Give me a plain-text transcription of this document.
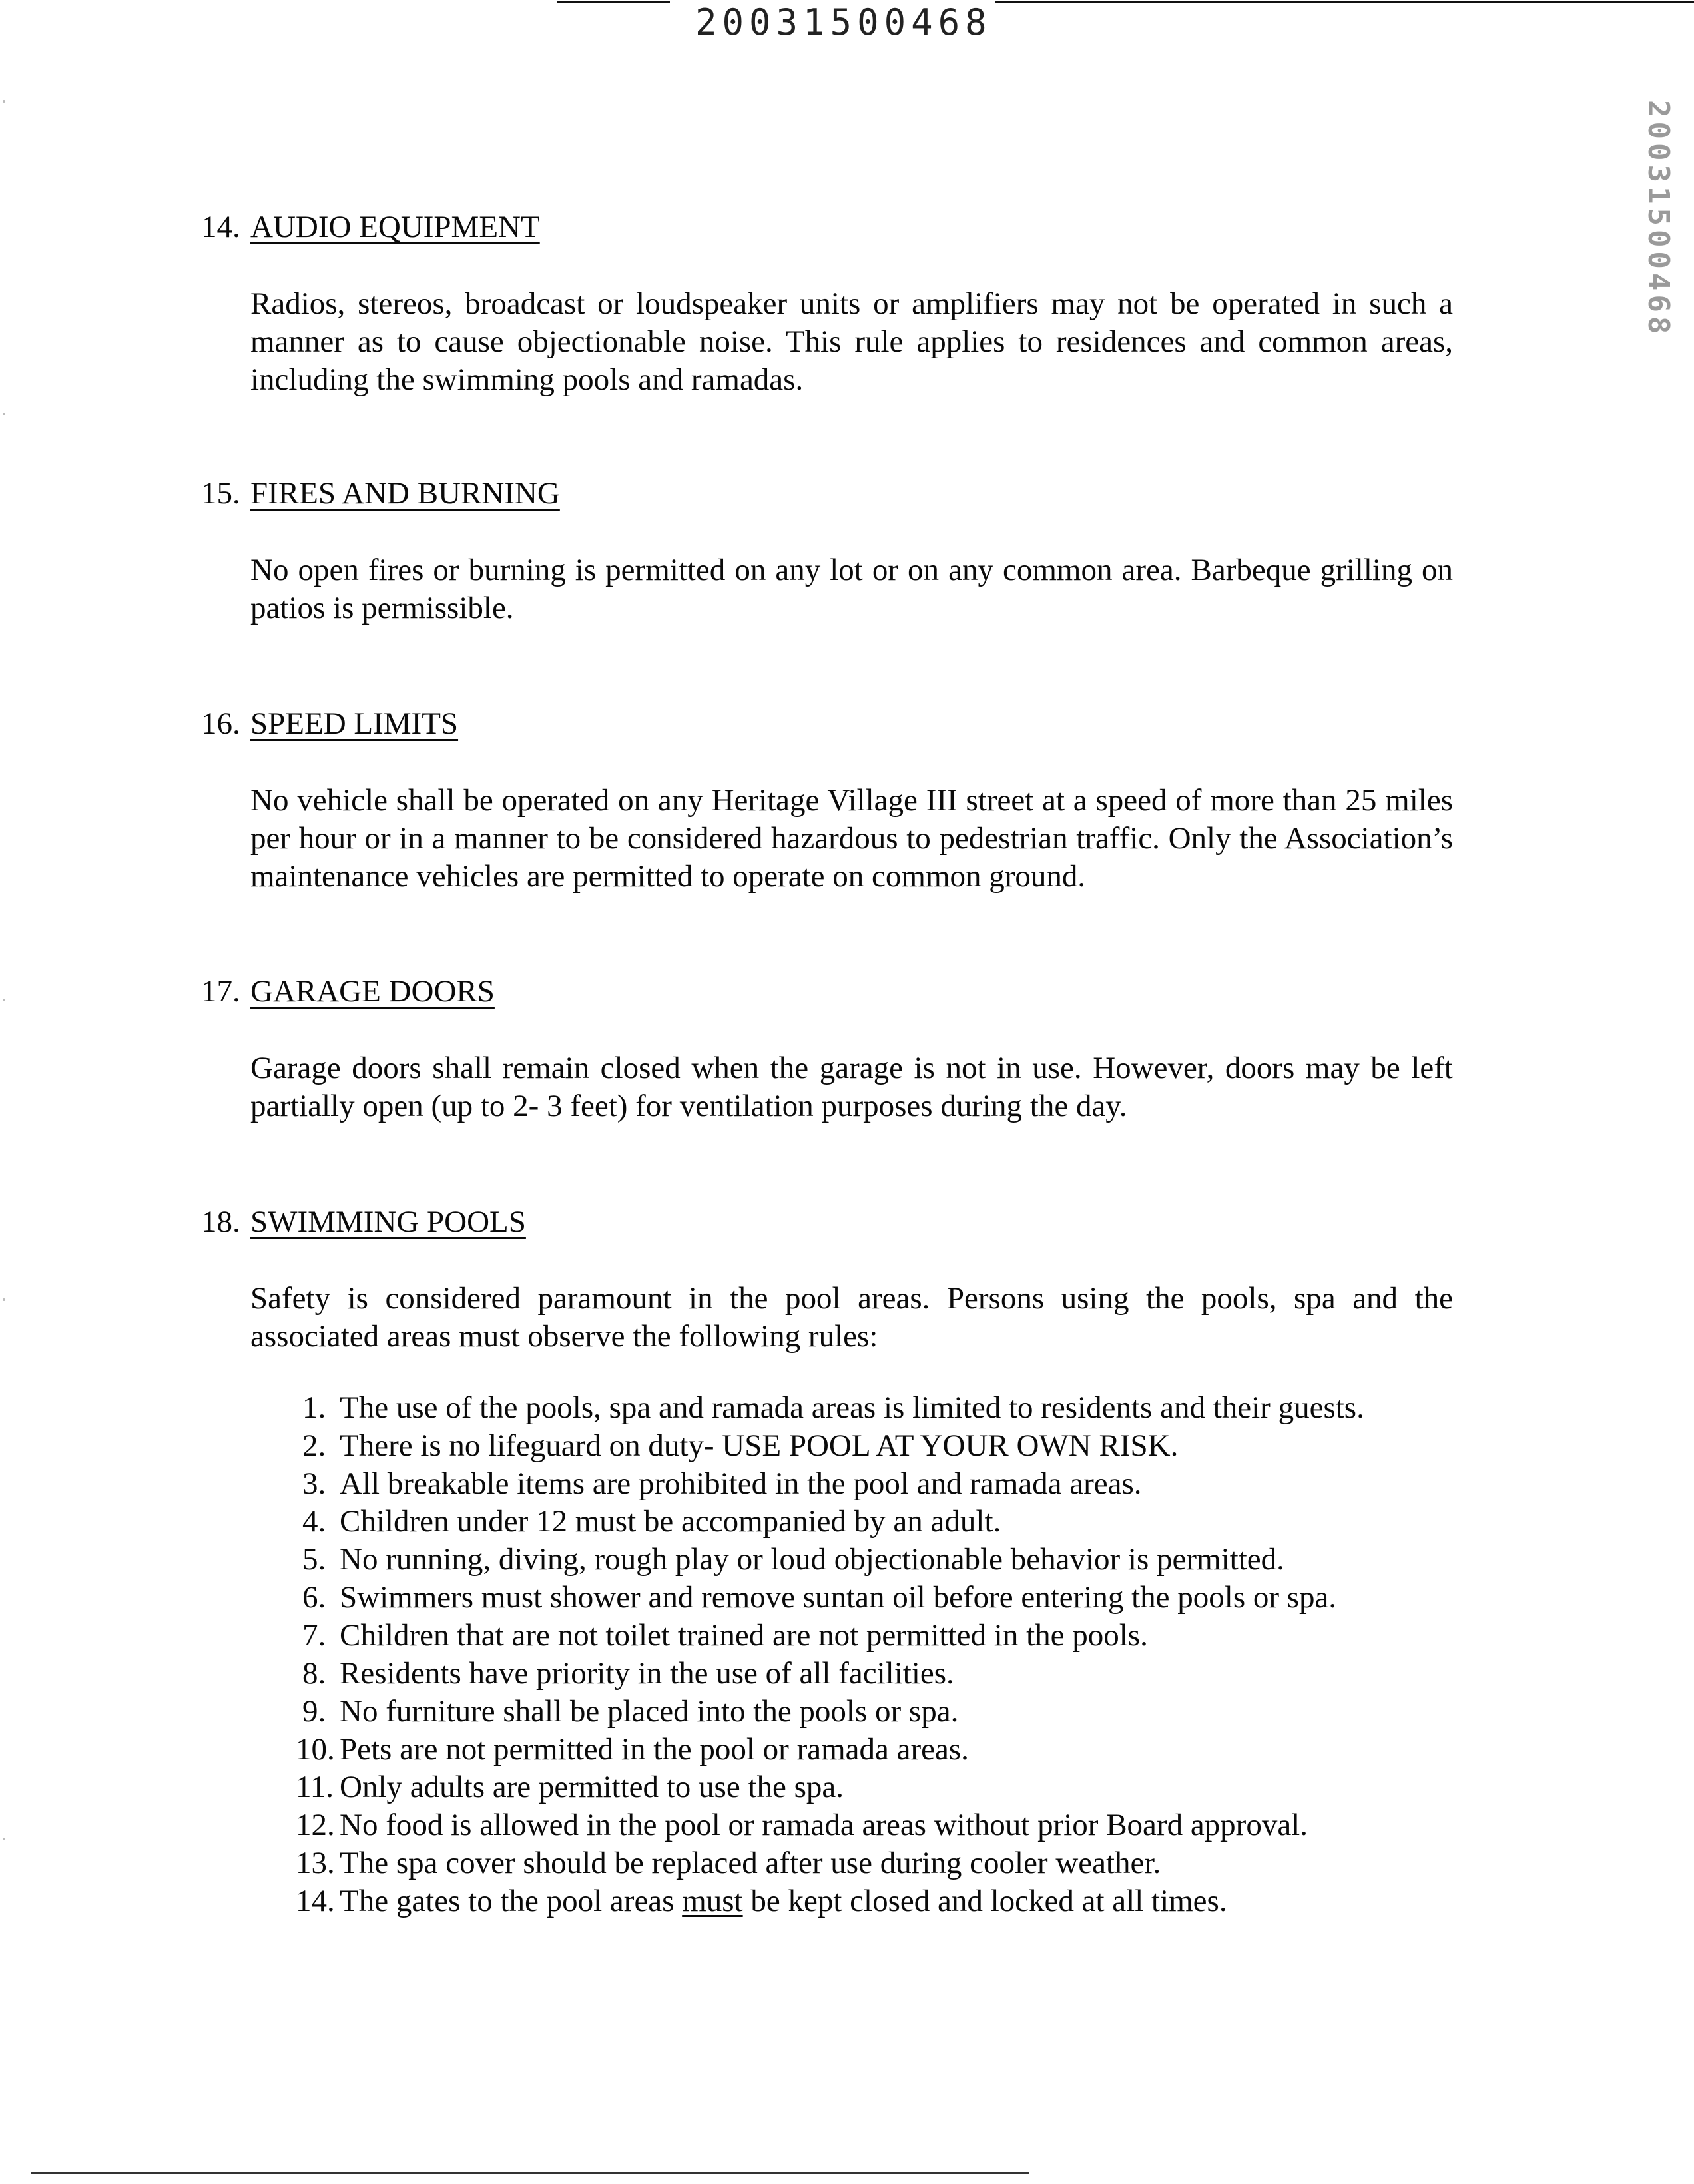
20031500468
20031500468
14. AUDIO EQUIPMENT
Radios, stereos, broadcast or loudspeaker units or amplifiers may not be operated in such a manner as to cause objectionable noise. This rule applies to residences and common areas, including the swimming pools and ramadas.
15. FIRES AND BURNING
No open fires or burning is permitted on any lot or on any common area. Barbeque grilling on patios is permissible.
16. SPEED LIMITS
No vehicle shall be operated on any Heritage Village III street at a speed of more than 25 miles per hour or in a manner to be considered hazardous to pedestrian traffic. Only the Association’s maintenance vehicles are permitted to operate on common ground.
17. GARAGE DOORS
Garage doors shall remain closed when the garage is not in use. However, doors may be left partially open (up to 2- 3 feet) for ventilation purposes during the day.
18. SWIMMING POOLS
Safety is considered paramount in the pool areas. Persons using the pools, spa and the associated areas must observe the following rules:
1. The use of the pools, spa and ramada areas is limited to residents and their guests.
2. There is no lifeguard on duty- USE POOL AT YOUR OWN RISK.
3. All breakable items are prohibited in the pool and ramada areas.
4. Children under 12 must be accompanied by an adult.
5. No running, diving, rough play or loud objectionable behavior is permitted.
6. Swimmers must shower and remove suntan oil before entering the pools or spa.
7. Children that are not toilet trained are not permitted in the pools.
8. Residents have priority in the use of all facilities.
9. No furniture shall be placed into the pools or spa.
10. Pets are not permitted in the pool or ramada areas.
11. Only adults are permitted to use the spa.
12. No food is allowed in the pool or ramada areas without prior Board approval.
13. The spa cover should be replaced after use during cooler weather.
14. The gates to the pool areas must be kept closed and locked at all times.
